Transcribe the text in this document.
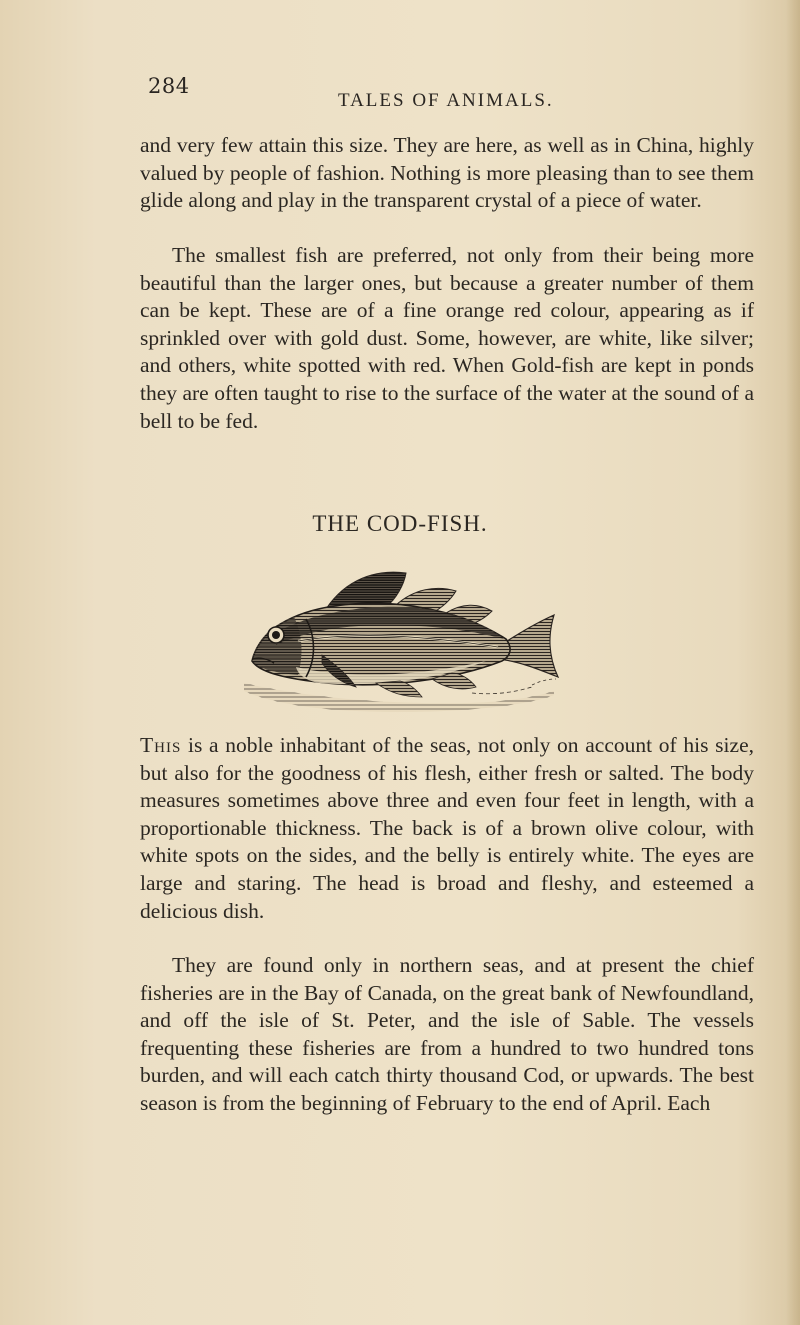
284
TALES OF ANIMALS.

and very few attain this size. They are here, as well as in China, highly valued by people of fashion. Nothing is more pleasing than to see them glide along and play in the transparent crystal of a piece of water.

The smallest fish are preferred, not only from their being more beautiful than the larger ones, but because a greater number of them can be kept. These are of a fine orange red colour, appearing as if sprinkled over with gold dust. Some, however, are white, like silver; and others, white spotted with red. When Gold-fish are kept in ponds they are often taught to rise to the surface of the water at the sound of a bell to be fed.

THE COD-FISH.

This is a noble inhabitant of the seas, not only on account of his size, but also for the goodness of his flesh, either fresh or salted. The body measures sometimes above three and even four feet in length, with a proportionable thickness. The back is of a brown olive colour, with white spots on the sides, and the belly is entirely white. The eyes are large and staring. The head is broad and fleshy, and esteemed a delicious dish.

They are found only in northern seas, and at present the chief fisheries are in the Bay of Canada, on the great bank of Newfoundland, and off the isle of St. Peter, and the isle of Sable. The vessels frequenting these fisheries are from a hundred to two hundred tons burden, and will each catch thirty thousand Cod, or upwards. The best season is from the beginning of February to the end of April. Each
